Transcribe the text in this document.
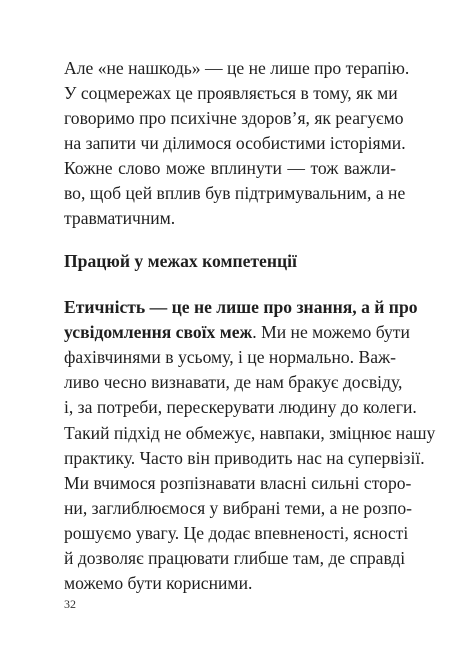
Але «не нашкодь» — це не лише про терапію.
У соцмережах це проявляється в тому, як ми
говоримо про психічне здоров’я, як реагуємо
на запити чи ділимося особистими історіями.
Кожне слово може вплинути — тож важли-
во, щоб цей вплив був підтримувальним, а не
травматичним.
Працюй у межах компетенції
Етичність — це не лише про знання, а й про
усвідомлення своїх меж. Ми не можемо бути
фахівчинями в усьому, і це нормально. Важ-
ливо чесно визнавати, де нам бракує досвіду,
і, за потреби, перескерувати людину до колеги.
Такий підхід не обмежує, навпаки, зміцнює нашу
практику. Часто він приводить нас на супервізії.
Ми вчимося розпізнавати власні сильні сторо-
ни, заглиблюємося у вибрані теми, а не розпо-
рошуємо увагу. Це додає впевненості, ясності
й дозволяє працювати глибше там, де справді
можемо бути корисними.
32
